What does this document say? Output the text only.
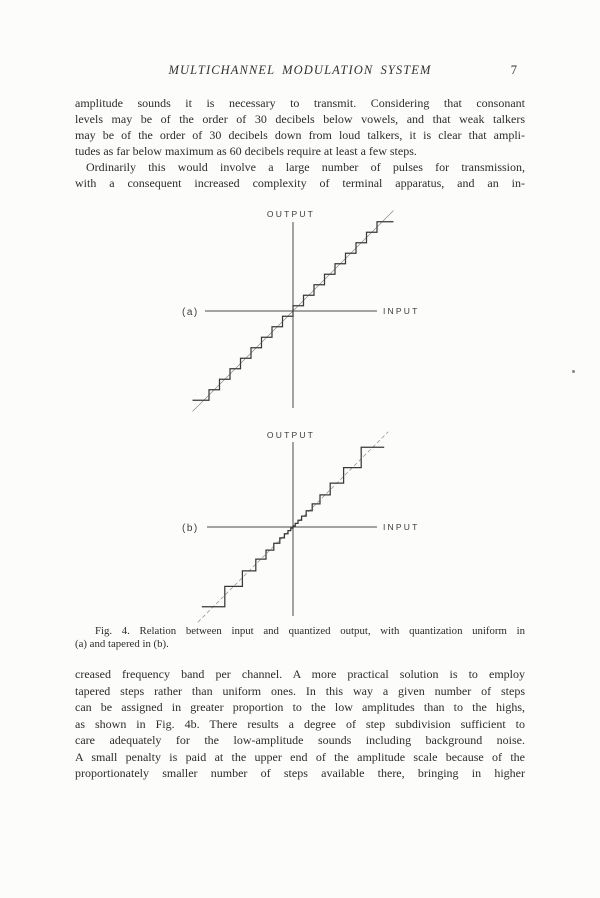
MULTICHANNEL MODULATION SYSTEM	7
amplitude sounds it is necessary to transmit. Considering that consonant
levels may be of the order of 30 decibels below vowels, and that weak talkers
may be of the order of 30 decibels down from loud talkers, it is clear that ampli-
tudes as far below maximum as 60 decibels require at least a few steps.
Ordinarily this would involve a large number of pulses for transmission,
with a consequent increased complexity of terminal apparatus, and an in-
OUTPUT
INPUT
(a)
OUTPUT
INPUT
(b)
Fig. 4. Relation between input and quantized output, with quantization uniform in
(a) and tapered in (b).
creased frequency band per channel. A more practical solution is to employ
tapered steps rather than uniform ones. In this way a given number of steps
can be assigned in greater proportion to the low amplitudes than to the highs,
as shown in Fig. 4b. There results a degree of step subdivision sufficient to
care adequately for the low-amplitude sounds including background noise.
A small penalty is paid at the upper end of the amplitude scale because of the
proportionately smaller number of steps available there, bringing in higher
